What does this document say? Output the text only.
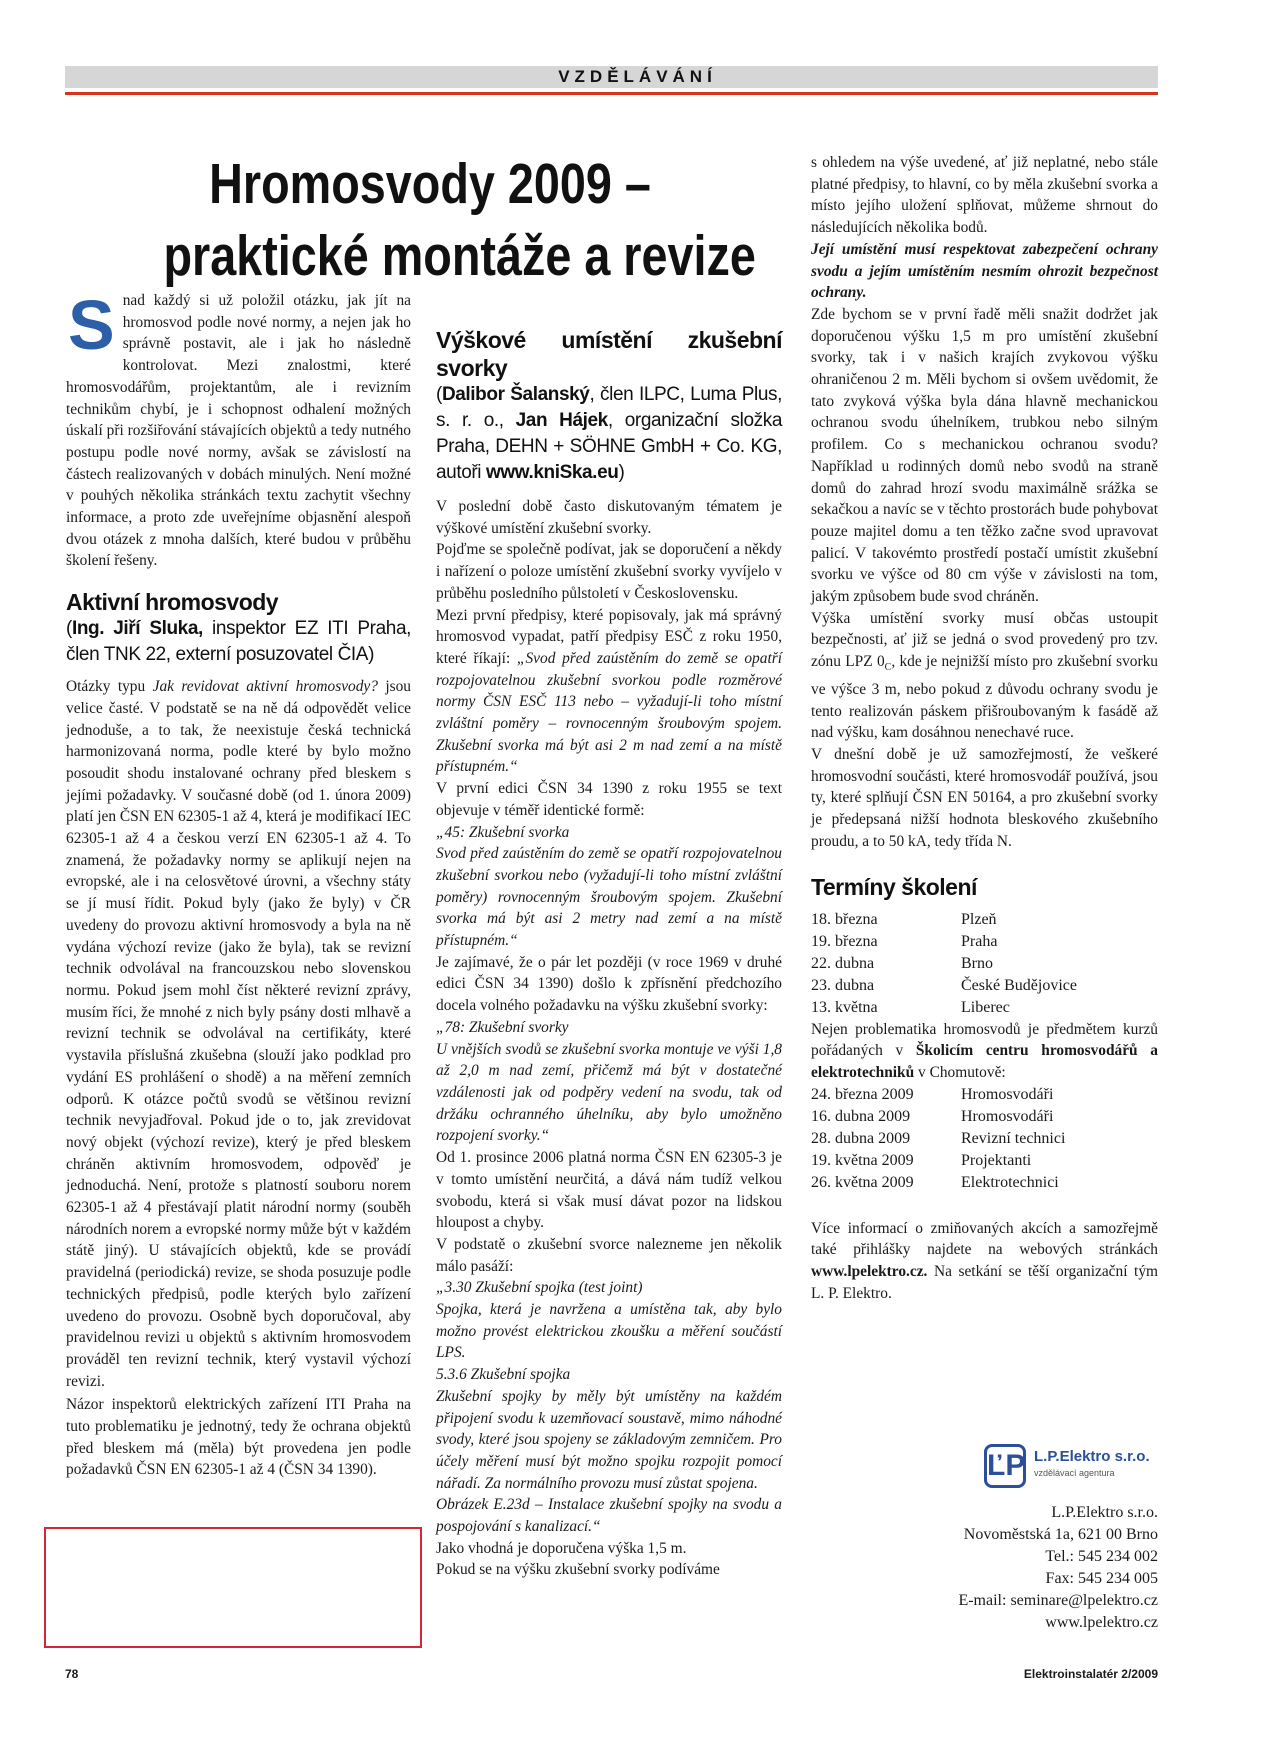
VZDĚLÁVÁNÍ
Hromosvody 2009 –
praktické montáže a revize

Snad každý si už položil otázku, jak jít na hromosvod podle nové normy, a nejen jak ho správně postavit, ale i jak ho následně kontrolovat. Mezi znalostmi, které hromosvodářům, projektantům, ale i revizním technikům chybí, je i schopnost odhalení možných úskalí při rozšiřování stávajících objektů a tedy nutného postupu podle nové normy, avšak se závislostí na částech realizovaných v dobách minulých. Není možné v pouhých několika stránkách textu zachytit všechny informace, a proto zde uveřejníme objasnění alespoň dvou otázek z mnoha dalších, které budou v průběhu školení řešeny.

Aktivní hromosvody
(Ing. Jiří Sluka, inspektor EZ ITI Praha, člen TNK 22, externí posuzovatel ČIA)

Otázky typu Jak revidovat aktivní hromosvody? jsou velice časté. V podstatě se na ně dá odpovědět velice jednoduše, a to tak, že neexistuje česká technická harmonizovaná norma, podle které by bylo možno posoudit shodu instalované ochrany před bleskem s jejími požadavky. V současné době (od 1. února 2009) platí jen ČSN EN 62305-1 až 4, která je modifikací IEC 62305-1 až 4 a českou verzí EN 62305-1 až 4. To znamená, že požadavky normy se aplikují nejen na evropské, ale i na celosvětové úrovni, a všechny státy se jí musí řídit. Pokud byly (jako že byly) v ČR uvedeny do provozu aktivní hromosvody a byla na ně vydána výchozí revize (jako že byla), tak se revizní technik odvolával na francouzskou nebo slovenskou normu. Pokud jsem mohl číst některé revizní zprávy, musím říci, že mnohé z nich byly psány dosti mlhavě a revizní technik se odvolával na certifikáty, které vystavila příslušná zkušebna (slouží jako podklad pro vydání ES prohlášení o shodě) a na měření zemních odporů. K otázce počtů svodů se většinou revizní technik nevyjadřoval. Pokud jde o to, jak zrevidovat nový objekt (výchozí revize), který je před bleskem chráněn aktivním hromosvodem, odpověď je jednoduchá. Není, protože s platností souboru norem 62305-1 až 4 přestávají platit národní normy (souběh národních norem a evropské normy může být v každém státě jiný). U stávajících objektů, kde se provádí pravidelná (periodická) revize, se shoda posuzuje podle technických předpisů, podle kterých bylo zařízení uvedeno do provozu. Osobně bych doporučoval, aby pravidelnou revizi u objektů s aktivním hromosvodem prováděl ten revizní technik, který vystavil výchozí revizi.

Názor inspektorů elektrických zařízení ITI Praha na tuto problematiku je jednotný, tedy že ochrana objektů před bleskem má (měla) být provedena jen podle požadavků ČSN EN 62305-1 až 4 (ČSN 34 1390).

Výškové umístění zkušební svorky
(Dalibor Šalanský, člen ILPC, Luma Plus, s. r. o., Jan Hájek, organizační složka Praha, DEHN + SÖHNE GmbH + Co. KG, autoři www.kniSka.eu)

V poslední době často diskutovaným tématem je výškové umístění zkušební svorky.

Pojďme se společně podívat, jak se doporučení a někdy i nařízení o poloze umístění zkušební svorky vyvíjelo v průběhu posledního půlstoletí v Československu.

Mezi první předpisy, které popisovaly, jak má správný hromosvod vypadat, patří předpisy ESČ z roku 1950, které říkají: „Svod před zaústěním do země se opatří rozpojovatelnou zkušební svorkou podle rozměrové normy ČSN ESČ 113 nebo – vyžadují-li toho místní zvláštní poměry – rovnocenným šroubovým spojem. Zkušební svorka má být asi 2 m nad zemí a na místě přístupném.“

V první edici ČSN 34 1390 z roku 1955 se text objevuje v téměř identické formě:

„45: Zkušební svorka

Svod před zaústěním do země se opatří rozpojovatelnou zkušební svorkou nebo (vyžadují-li toho místní zvláštní poměry) rovnocenným šroubovým spojem. Zkušební svorka má být asi 2 metry nad zemí a na místě přístupném.“

Je zajímavé, že o pár let později (v roce 1969 v druhé edici ČSN 34 1390) došlo k zpřísnění předchozího docela volného požadavku na výšku zkušební svorky:

„78: Zkušební svorky

U vnějších svodů se zkušební svorka montuje ve výši 1,8 až 2,0 m nad zemí, přičemž má být v dostatečné vzdálenosti jak od podpěry vedení na svodu, tak od držáku ochranného úhelníku, aby bylo umožněno rozpojení svorky.“

Od 1. prosince 2006 platná norma ČSN EN 62305-3 je v tomto umístění neurčitá, a dává nám tudíž velkou svobodu, která si však musí dávat pozor na lidskou hloupost a chyby.

V podstatě o zkušební svorce nalezneme jen několik málo pasáží:

„3.30 Zkušební spojka (test joint)

Spojka, která je navržena a umístěna tak, aby bylo možno provést elektrickou zkoušku a měření součástí LPS.

5.3.6 Zkušební spojka

Zkušební spojky by měly být umístěny na každém připojení svodu k uzemňovací soustavě, mimo náhodné svody, které jsou spojeny se základovým zemničem. Pro účely měření musí být možno spojku rozpojit pomocí nářadí. Za normálního provozu musí zůstat spojena.

Obrázek E.23d – Instalace zkušební spojky na svodu a pospojování s kanalizací.“

Jako vhodná je doporučena výška 1,5 m.

Pokud se na výšku zkušební svorky podíváme

s ohledem na výše uvedené, ať již neplatné, nebo stále platné předpisy, to hlavní, co by měla zkušební svorka a místo jejího uložení splňovat, můžeme shrnout do následujících několika bodů.

Její umístění musí respektovat zabezpečení ochrany svodu a jejím umístěním nesmím ohrozit bezpečnost ochrany.

Zde bychom se v první řadě měli snažit dodržet jak doporučenou výšku 1,5 m pro umístění zkušební svorky, tak i v našich krajích zvykovou výšku ohraničenou 2 m. Měli bychom si ovšem uvědomit, že tato zvyková výška byla dána hlavně mechanickou ochranou svodu úhelníkem, trubkou nebo silným profilem. Co s mechanickou ochranou svodu? Například u rodinných domů nebo svodů na straně domů do zahrad hrozí svodu maximálně srážka se sekačkou a navíc se v těchto prostorách bude pohybovat pouze majitel domu a ten těžko začne svod upravovat palicí. V takovémto prostředí postačí umístit zkušební svorku ve výšce od 80 cm výše v závislosti na tom, jakým způsobem bude svod chráněn.

Výška umístění svorky musí občas ustoupit bezpečnosti, ať již se jedná o svod provedený pro tzv. zónu LPZ $0_C$, kde je nejnižší místo pro zkušební svorku ve výšce 3 m, nebo pokud z důvodu ochrany svodu je tento realizován páskem přišroubovaným k fasádě až nad výšku, kam dosáhnou nenechavé ruce.

V dnešní době je už samozřejmostí, že veškeré hromosvodní součásti, které hromosvodář používá, jsou ty, které splňují ČSN EN 50164, a pro zkušební svorky je předepsaná nižší hodnota bleskového zkušebního proudu, a to 50 kA, tedy třída N.

Termíny školení
18. března	Plzeň
19. března	Praha
22. dubna	Brno
23. dubna	České Budějovice
13. května	Liberec

Nejen problematika hromosvodů je předmětem kurzů pořádaných v Školicím centru hromosvodářů a elektrotechniků v Chomutově:

24. března 2009	Hromosvodáři
16. dubna 2009	Hromosvodáři
28. dubna 2009	Revizní technici
19. května 2009	Projektanti
26. května 2009	Elektrotechnici

Více informací o zmiňovaných akcích a samozřejmě také přihlášky najdete na webových stránkách www.lpelektro.cz. Na setkání se těší organizační tým L. P. Elektro.

ĽP L.P.Elektro s.r.o.
vzdělávací agentura
L.P.Elektro s.r.o.
Novoměstská 1a, 621 00 Brno
Tel.: 545 234 002
Fax: 545 234 005
E-mail: seminare@lpelektro.cz
www.lpelektro.cz
78	Elektroinstalatér 2/2009
